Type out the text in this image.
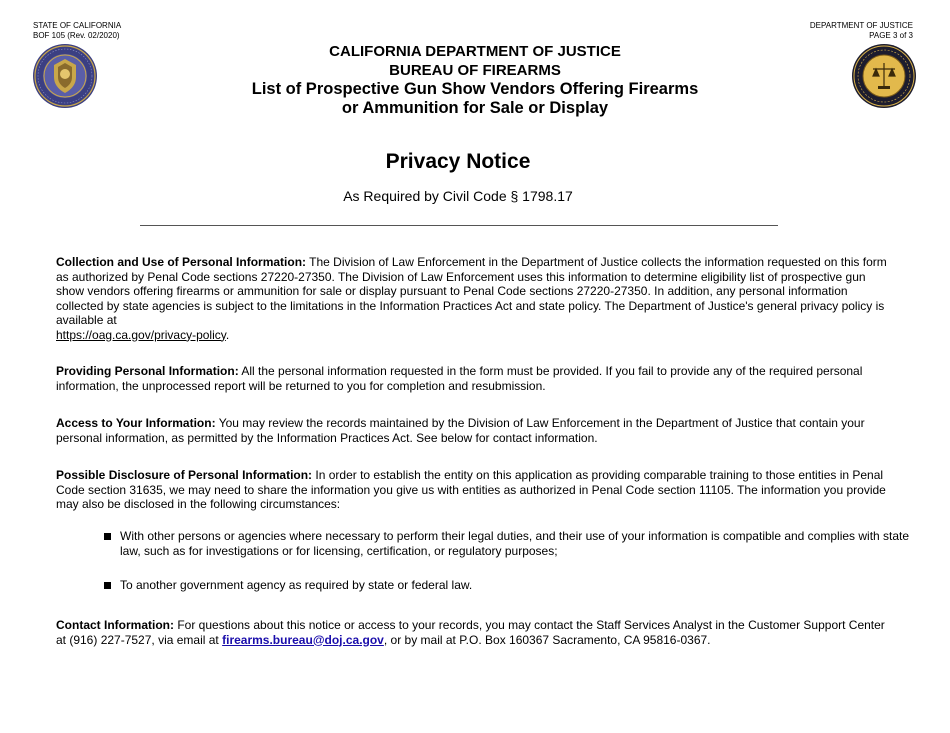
STATE OF CALIFORNIA
BOF 105 (Rev. 02/2020)
DEPARTMENT OF JUSTICE
PAGE 3 of 3
CALIFORNIA DEPARTMENT OF JUSTICE
BUREAU OF FIREARMS
List of Prospective Gun Show Vendors Offering Firearms
or Ammunition for Sale or Display
Privacy Notice
As Required by Civil Code § 1798.17
Collection and Use of Personal Information: The Division of Law Enforcement in the Department of Justice collects the information requested on this form as authorized by Penal Code sections 27220-27350. The Division of Law Enforcement uses this information to determine eligibility list of prospective gun show vendors offering firearms or ammunition for sale or display pursuant to Penal Code sections 27220-27350. In addition, any personal information collected by state agencies is subject to the limitations in the Information Practices Act and state policy. The Department of Justice's general privacy policy is available at
https://oag.ca.gov/privacy-policy.
Providing Personal Information: All the personal information requested in the form must be provided. If you fail to provide any of the required personal information, the unprocessed report will be returned to you for completion and resubmission.
Access to Your Information: You may review the records maintained by the Division of Law Enforcement in the Department of Justice that contain your personal information, as permitted by the Information Practices Act. See below for contact information.
Possible Disclosure of Personal Information: In order to establish the entity on this application as providing comparable training to those entities in Penal Code section 31635, we may need to share the information you give us with entities as authorized in Penal Code section 11105. The information you provide may also be disclosed in the following circumstances:
With other persons or agencies where necessary to perform their legal duties, and their use of your information is compatible and complies with state law, such as for investigations or for licensing, certification, or regulatory purposes;
To another government agency as required by state or federal law.
Contact Information: For questions about this notice or access to your records, you may contact the Staff Services Analyst in the Customer Support Center at (916) 227-7527, via email at firearms.bureau@doj.ca.gov, or by mail at P.O. Box 160367 Sacramento, CA 95816-0367.
